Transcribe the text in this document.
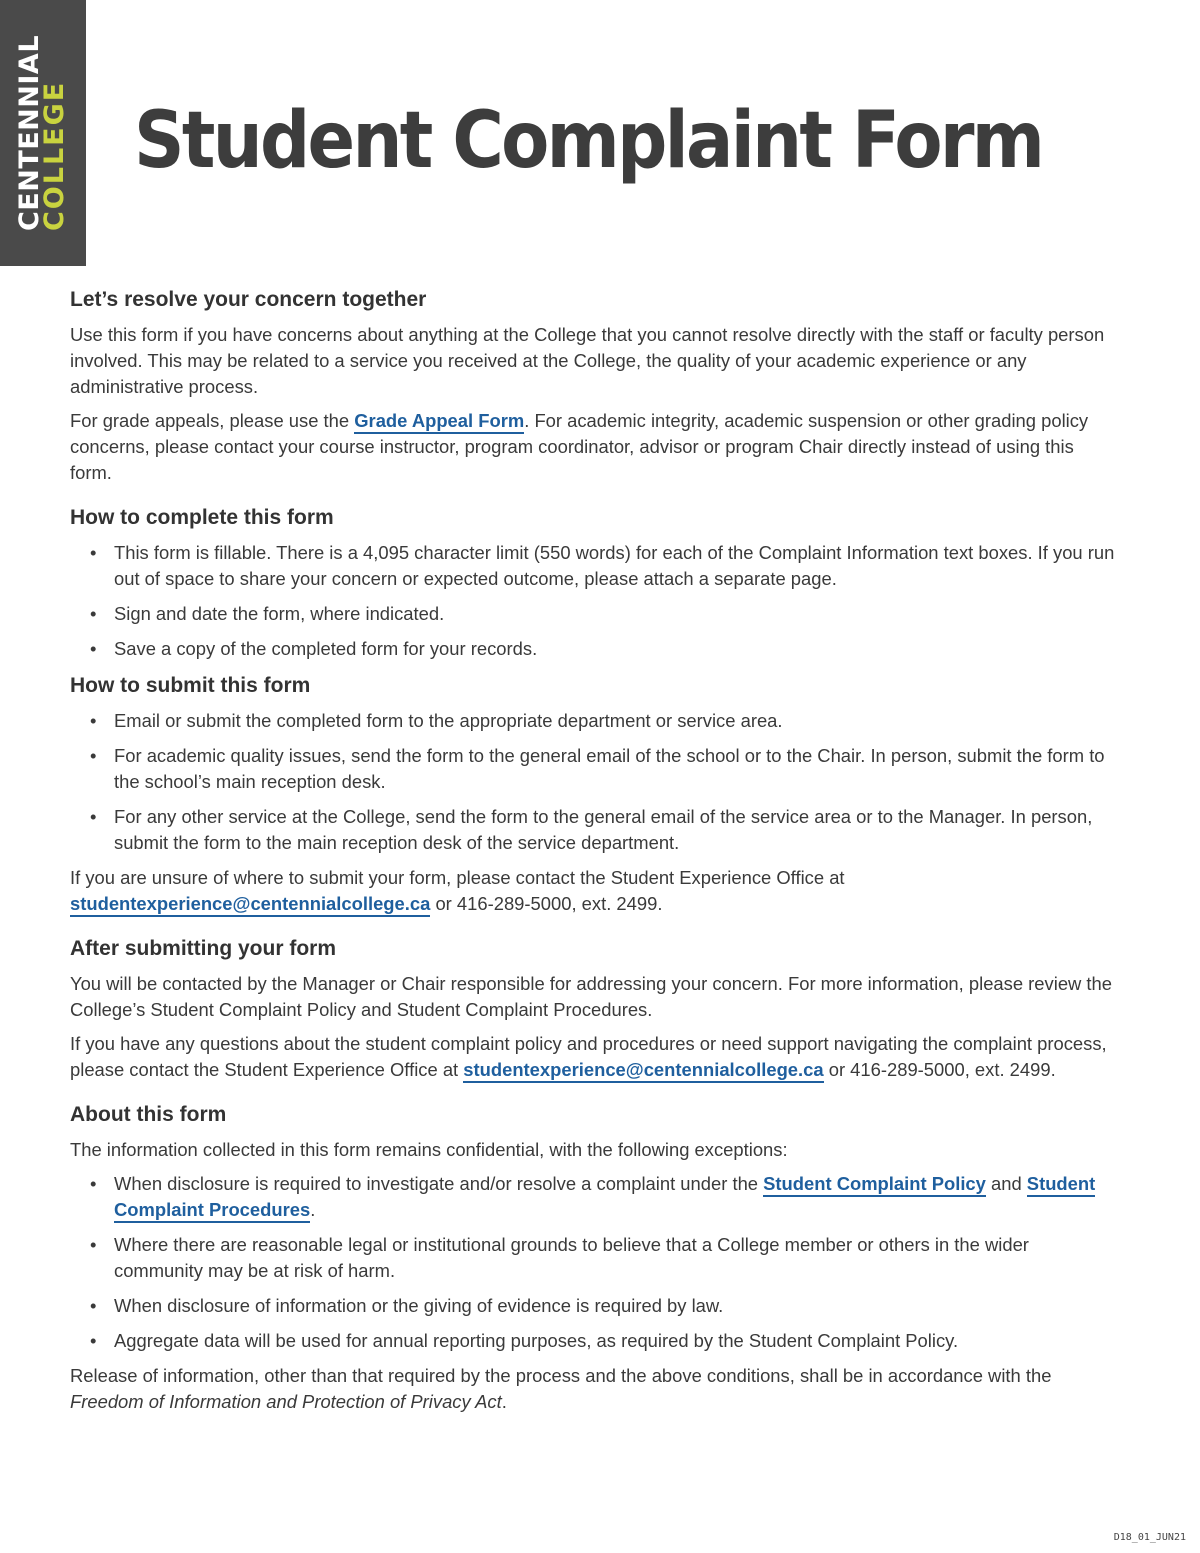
CENTENNIAL
COLLEGE Student Complaint Form
Let’s resolve your concern together

Use this form if you have concerns about anything at the College that you cannot resolve directly with the staff or faculty person involved. This may be related to a service you received at the College, the quality of your academic experience or any administrative process.

For grade appeals, please use the Grade Appeal Form. For academic integrity, academic suspension or other grading policy concerns, please contact your course instructor, program coordinator, advisor or program Chair directly instead of using this form.

How to complete this form
• This form is fillable. There is a 4,095 character limit (550 words) for each of the Complaint Information text boxes. If you run out of space to share your concern or expected outcome, please attach a separate page.
• Sign and date the form, where indicated.
• Save a copy of the completed form for your records.
How to submit this form
• Email or submit the completed form to the appropriate department or service area.
• For academic quality issues, send the form to the general email of the school or to the Chair. In person, submit the form to the school’s main reception desk.
• For any other service at the College, send the form to the general email of the service area or to the Manager. In person, submit the form to the main reception desk of the service department.

If you are unsure of where to submit your form, please contact the Student Experience Office at studentexperience@centennialcollege.ca or 416-289-5000, ext. 2499.

After submitting your form

You will be contacted by the Manager or Chair responsible for addressing your concern. For more information, please review the College’s Student Complaint Policy and Student Complaint Procedures.

If you have any questions about the student complaint policy and procedures or need support navigating the complaint process, please contact the Student Experience Office at studentexperience@centennialcollege.ca or 416-289-5000, ext. 2499.

About this form

The information collected in this form remains confidential, with the following exceptions:

• When disclosure is required to investigate and/or resolve a complaint under the Student Complaint Policy and Student Complaint Procedures.
• Where there are reasonable legal or institutional grounds to believe that a College member or others in the wider community may be at risk of harm.
• When disclosure of information or the giving of evidence is required by law.
• Aggregate data will be used for annual reporting purposes, as required by the Student Complaint Policy.

Release of information, other than that required by the process and the above conditions, shall be in accordance with the Freedom of Information and Protection of Privacy Act.

D18_01_JUN21
